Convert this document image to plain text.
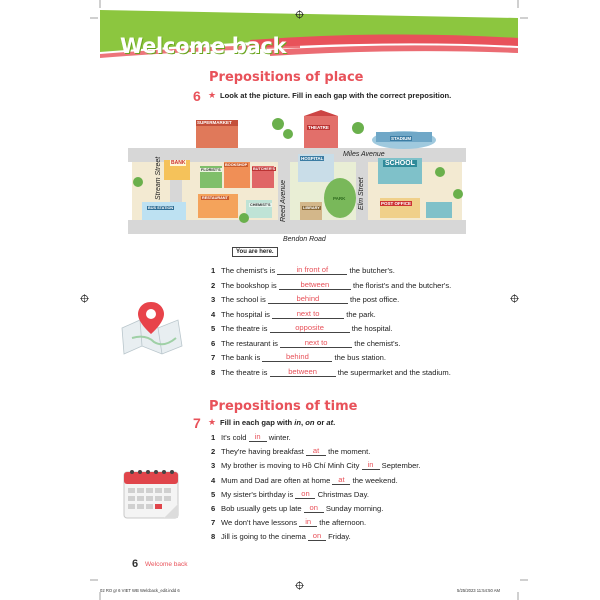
Welcome back
Prepositions of place
6 ★ Look at the picture. Fill in each gap with the correct preposition.
SUPERMARKET
THEATRE
STADIUM
BANK
FLORIST'S
BOOKSHOP
BUTCHER'S
BUS STATION
RESTAURANT
CHEMIST'S
HOSPITAL
LIBRARY
SCHOOL
POST OFFICE
PARK
Miles Avenue
Stream Street
Reed Avenue	Elm Street
Bendon Road
You are here.
1 The chemist's is	in front of	the butcher's.
2 The bookshop is	between	the florist's and the butcher's.
3 The school is	behind	the post office.
4 The hospital is	next to	the park.
5 The theatre is	opposite	the hospital.
6 The restaurant is	next to	the chemist's.
7 The bank is	behind	the bus station.
8 The theatre is	between	the supermarket and the stadium.
Prepositions of time
7 ★ Fill in each gap with in, on or at.
1 It's cold in winter.
2 They're having breakfast at the moment.
3 My brother is moving to Hồ Chí Minh City in September.
4 Mum and Dad are often at home at the weekend.
5 My sister's birthday is on Christmas Day.
6 Bob usually gets up late on Sunday morning.
7 We don't have lessons in the afternoon.
8 Jill is going to the cinema on Friday.
6 Welcome back
02 RO gr 6 VIET WB Welcback_edit.indd 6	5/25/2023 11:54:50 AM
